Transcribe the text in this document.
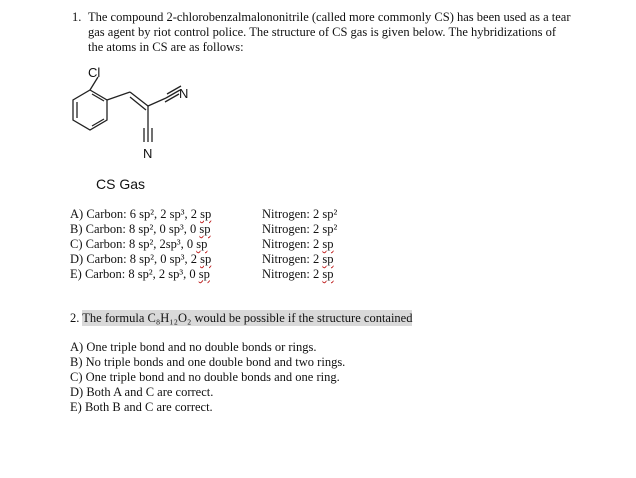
1. The compound 2-chlorobenzalmalononitrile (called more commonly CS) has been used as a tear gas agent by riot control police. The structure of CS gas is given below. The hybridizations of the atoms in CS are as follows:
Cl
N
N
CS Gas
A) Carbon: 6 sp², 2 sp³, 2 sp
B) Carbon: 8 sp², 0 sp³, 0 sp
C) Carbon: 8 sp², 2sp³, 0 sp
D) Carbon: 8 sp², 0 sp³, 2 sp
E) Carbon: 8 sp², 2 sp³, 0 sp
Nitrogen: 2 sp²
Nitrogen: 2 sp²
Nitrogen: 2 sp
Nitrogen: 2 sp
Nitrogen: 2 sp
2. The formula C₈H₁₂O₂ would be possible if the structure contained
A) One triple bond and no double bonds or rings.
B) No triple bonds and one double bond and two rings.
C) One triple bond and no double bonds and one ring.
D) Both A and C are correct.
E) Both B and C are correct.
